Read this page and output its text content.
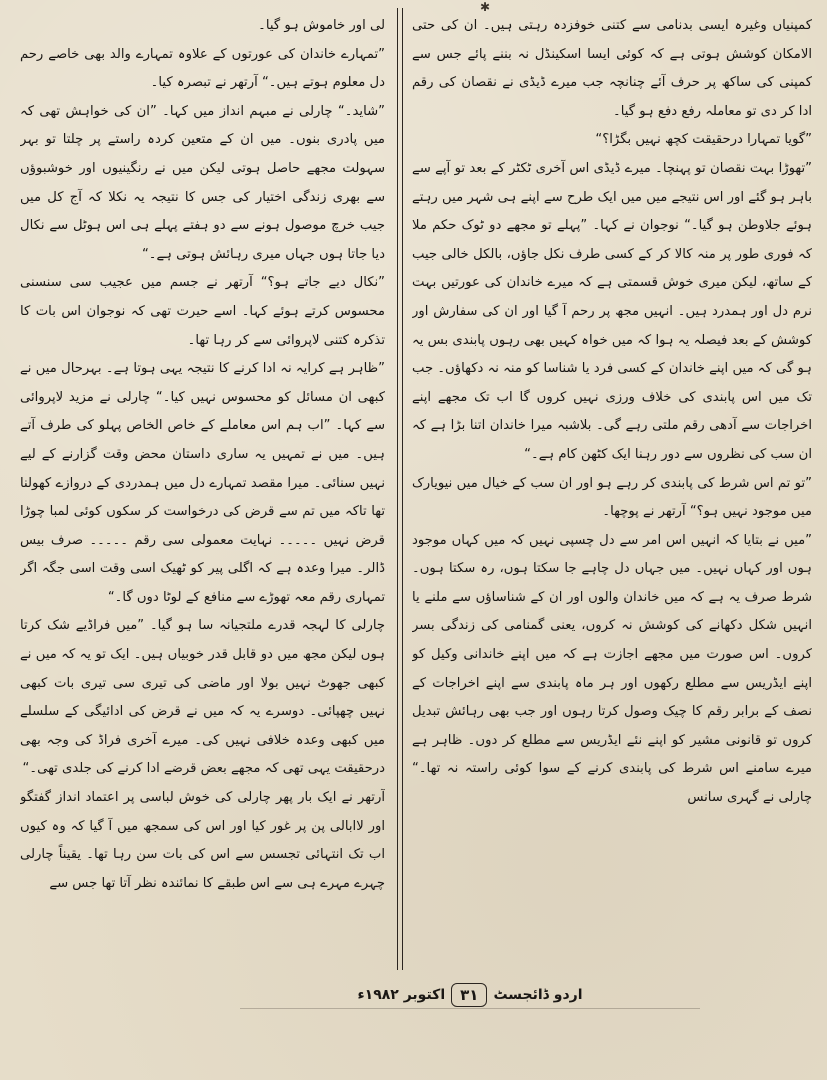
✱

کمپنیاں وغیرہ ایسی بدنامی سے کتنی خوفزدہ رہتی ہیں۔ ان کی حتی الامکان کوشش ہوتی ہے کہ کوئی ایسا اسکینڈل نہ بننے پائے جس سے کمپنی کی ساکھ پر حرف آئے چنانچہ جب میرے ڈیڈی نے نقصان کی رقم ادا کر دی تو معاملہ رفع دفع ہو گیا۔

”گویا تمہارا درحقیقت کچھ نہیں بگڑا؟“

”تھوڑا بہت نقصان تو پہنچا۔ میرے ڈیڈی اس آخری ٹکٹر کے بعد تو آپے سے باہر ہو گئے اور اس نتیجے میں میں ایک طرح سے اپنے ہی شہر میں رہتے ہوئے جلاوطن ہو گیا۔“ نوجوان نے کہا۔ ”پہلے تو مجھے دو ٹوک حکم ملا کہ فوری طور پر منہ کالا کر کے کسی طرف نکل جاؤں، بالکل خالی جیب کے ساتھ، لیکن میری خوش قسمتی ہے کہ میرے خاندان کی عورتیں بہت نرم دل اور ہمدرد ہیں۔ انہیں مجھ پر رحم آ گیا اور ان کی سفارش اور کوشش کے بعد فیصلہ یہ ہوا کہ میں خواہ کہیں بھی رہوں پابندی بس یہ ہو گی کہ میں اپنے خاندان کے کسی فرد یا شناسا کو منہ نہ دکھاؤں۔ جب تک میں اس پابندی کی خلاف ورزی نہیں کروں گا اب تک مجھے اپنے اخراجات سے آدھی رقم ملتی رہے گی۔ بلاشبہ میرا خاندان اتنا بڑا ہے کہ ان سب کی نظروں سے دور رہنا ایک کٹھن کام ہے۔“

”تو تم اس شرط کی پابندی کر رہے ہو اور ان سب کے خیال میں نیویارک میں موجود نہیں ہو؟“ آرتھر نے پوچھا۔

”میں نے بتایا کہ انہیں اس امر سے دل چسپی نہیں کہ میں کہاں موجود ہوں اور کہاں نہیں۔ میں جہاں دل چاہے جا سکتا ہوں، رہ سکتا ہوں۔ شرط صرف یہ ہے کہ میں خاندان والوں اور ان کے شناساؤں سے ملنے یا انہیں شکل دکھانے کی کوشش نہ کروں، یعنی گمنامی کی زندگی بسر کروں۔ اس صورت میں مجھے اجازت ہے کہ میں اپنے خاندانی وکیل کو اپنے ایڈریس سے مطلع رکھوں اور ہر ماہ پابندی سے اپنے اخراجات کے نصف کے برابر رقم کا چیک وصول کرتا رہوں اور جب بھی رہائش تبدیل کروں تو قانونی مشیر کو اپنے نئے ایڈریس سے مطلع کر دوں۔ ظاہر ہے میرے سامنے اس شرط کی پابندی کرنے کے سوا کوئی راستہ نہ تھا۔“ چارلی نے گہری سانس

لی اور خاموش ہو گیا۔

”تمہارے خاندان کی عورتوں کے علاوہ تمہارے والد بھی خاصے رحم دل معلوم ہوتے ہیں۔“ آرتھر نے تبصرہ کیا۔

”شاید۔“ چارلی نے مبہم انداز میں کہا۔ ”ان کی خواہش تھی کہ میں پادری بنوں۔ میں ان کے متعین کردہ راستے پر چلتا تو بہر سہولت مجھے حاصل ہوتی لیکن میں نے رنگینیوں اور خوشبوؤں سے بھری زندگی اختیار کی جس کا نتیجہ یہ نکلا کہ آج کل میں جیب خرچ موصول ہونے سے دو ہفتے پہلے ہی اس ہوٹل سے نکال دیا جاتا ہوں جہاں میری رہائش ہوتی ہے۔“

”نکال دیے جاتے ہو؟“ آرتھر نے جسم میں عجیب سی سنسنی محسوس کرتے ہوئے کہا۔ اسے حیرت تھی کہ نوجوان اس بات کا تذکرہ کتنی لاپروائی سے کر رہا تھا۔

”ظاہر ہے کرایہ نہ ادا کرنے کا نتیجہ یہی ہوتا ہے۔ بہرحال میں نے کبھی ان مسائل کو محسوس نہیں کیا۔“ چارلی نے مزید لاپروائی سے کہا۔ ”اب ہم اس معاملے کے خاص الخاص پہلو کی طرف آتے ہیں۔ میں نے تمہیں یہ ساری داستان محض وقت گزارنے کے لیے نہیں سنائی۔ میرا مقصد تمہارے دل میں ہمدردی کے دروازے کھولنا تھا تاکہ میں تم سے قرض کی درخواست کر سکوں کوئی لمبا چوڑا قرض نہیں ۔۔۔۔۔ نہایت معمولی سی رقم ۔۔۔۔۔ صرف بیس ڈالر۔ میرا وعدہ ہے کہ اگلی پیر کو ٹھیک اسی وقت اسی جگہ اگر تمہاری رقم معہ تھوڑے سے منافع کے لوٹا دوں گا۔“

چارلی کا لہجہ قدرے ملتجیانہ سا ہو گیا۔ ”میں فراڈیے شک کرتا ہوں لیکن مجھ میں دو قابل قدر خوبیاں ہیں۔ ایک تو یہ کہ میں نے کبھی جھوٹ نہیں بولا اور ماضی کی تیری سی تیری بات کبھی نہیں چھپائی۔ دوسرے یہ کہ میں نے قرض کی ادائیگی کے سلسلے میں کبھی وعدہ خلافی نہیں کی۔ میرے آخری فراڈ کی وجہ بھی درحقیقت یہی تھی کہ مجھے بعض قرضے ادا کرنے کی جلدی تھی۔“

آرتھر نے ایک بار پھر چارلی کی خوش لباسی پر اعتماد انداز گفتگو اور لاابالی پن پر غور کیا اور اس کی سمجھ میں آ گیا کہ وہ کیوں اب تک انتہائی تجسس سے اس کی بات سن رہا تھا۔ یقیناً چارلی چہرے مہرے ہی سے اس طبقے کا نمائندہ نظر آتا تھا جس سے

اردو ڈائجسٹ
۳۱
اکتوبر ۱۹۸۲ء
